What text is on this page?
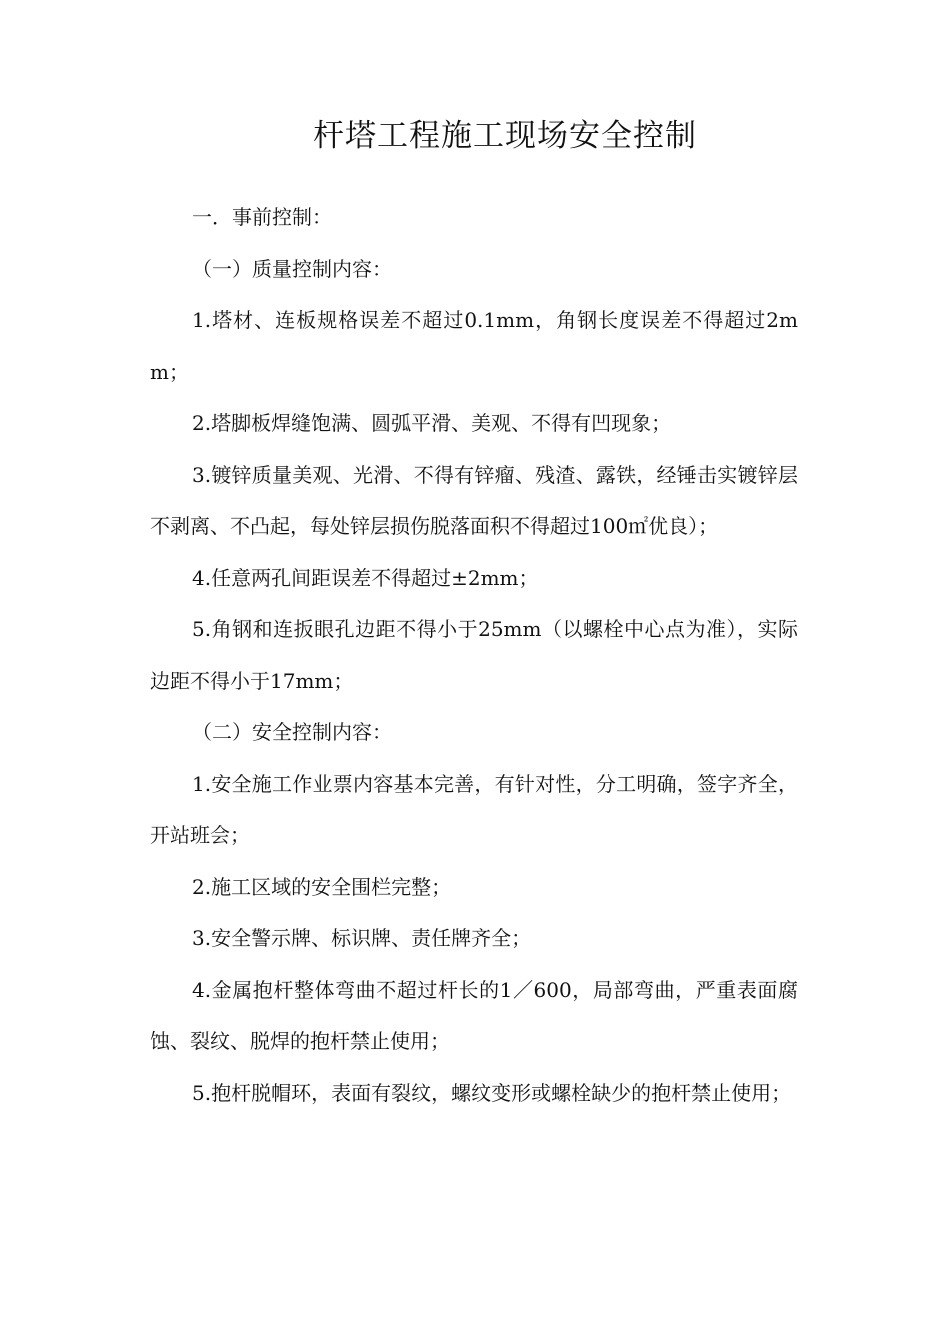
杆塔工程施工现场安全控制

一．事前控制：

（一）质量控制内容：

1.塔材、连板规格误差不超过0.1mm，角钢长度误差不得超过2mm；

2.塔脚板焊缝饱满、圆弧平滑、美观、不得有凹现象；

3.镀锌质量美观、光滑、不得有锌瘤、残渣、露铁，经锤击实镀锌层不剥离、不凸起，每处锌层损伤脱落面积不得超过100㎡优良）；

4.任意两孔间距误差不得超过±2mm；

5.角钢和连扳眼孔边距不得小于25mm（以螺栓中心点为准），实际边距不得小于17mm；

（二）安全控制内容：

1.安全施工作业票内容基本完善，有针对性，分工明确，签字齐全，开站班会；

2.施工区域的安全围栏完整；

3.安全警示牌、标识牌、责任牌齐全；

4.金属抱杆整体弯曲不超过杆长的1／600，局部弯曲，严重表面腐蚀、裂纹、脱焊的抱杆禁止使用；

5.抱杆脱帽环，表面有裂纹，螺纹变形或螺栓缺少的抱杆禁止使用；
